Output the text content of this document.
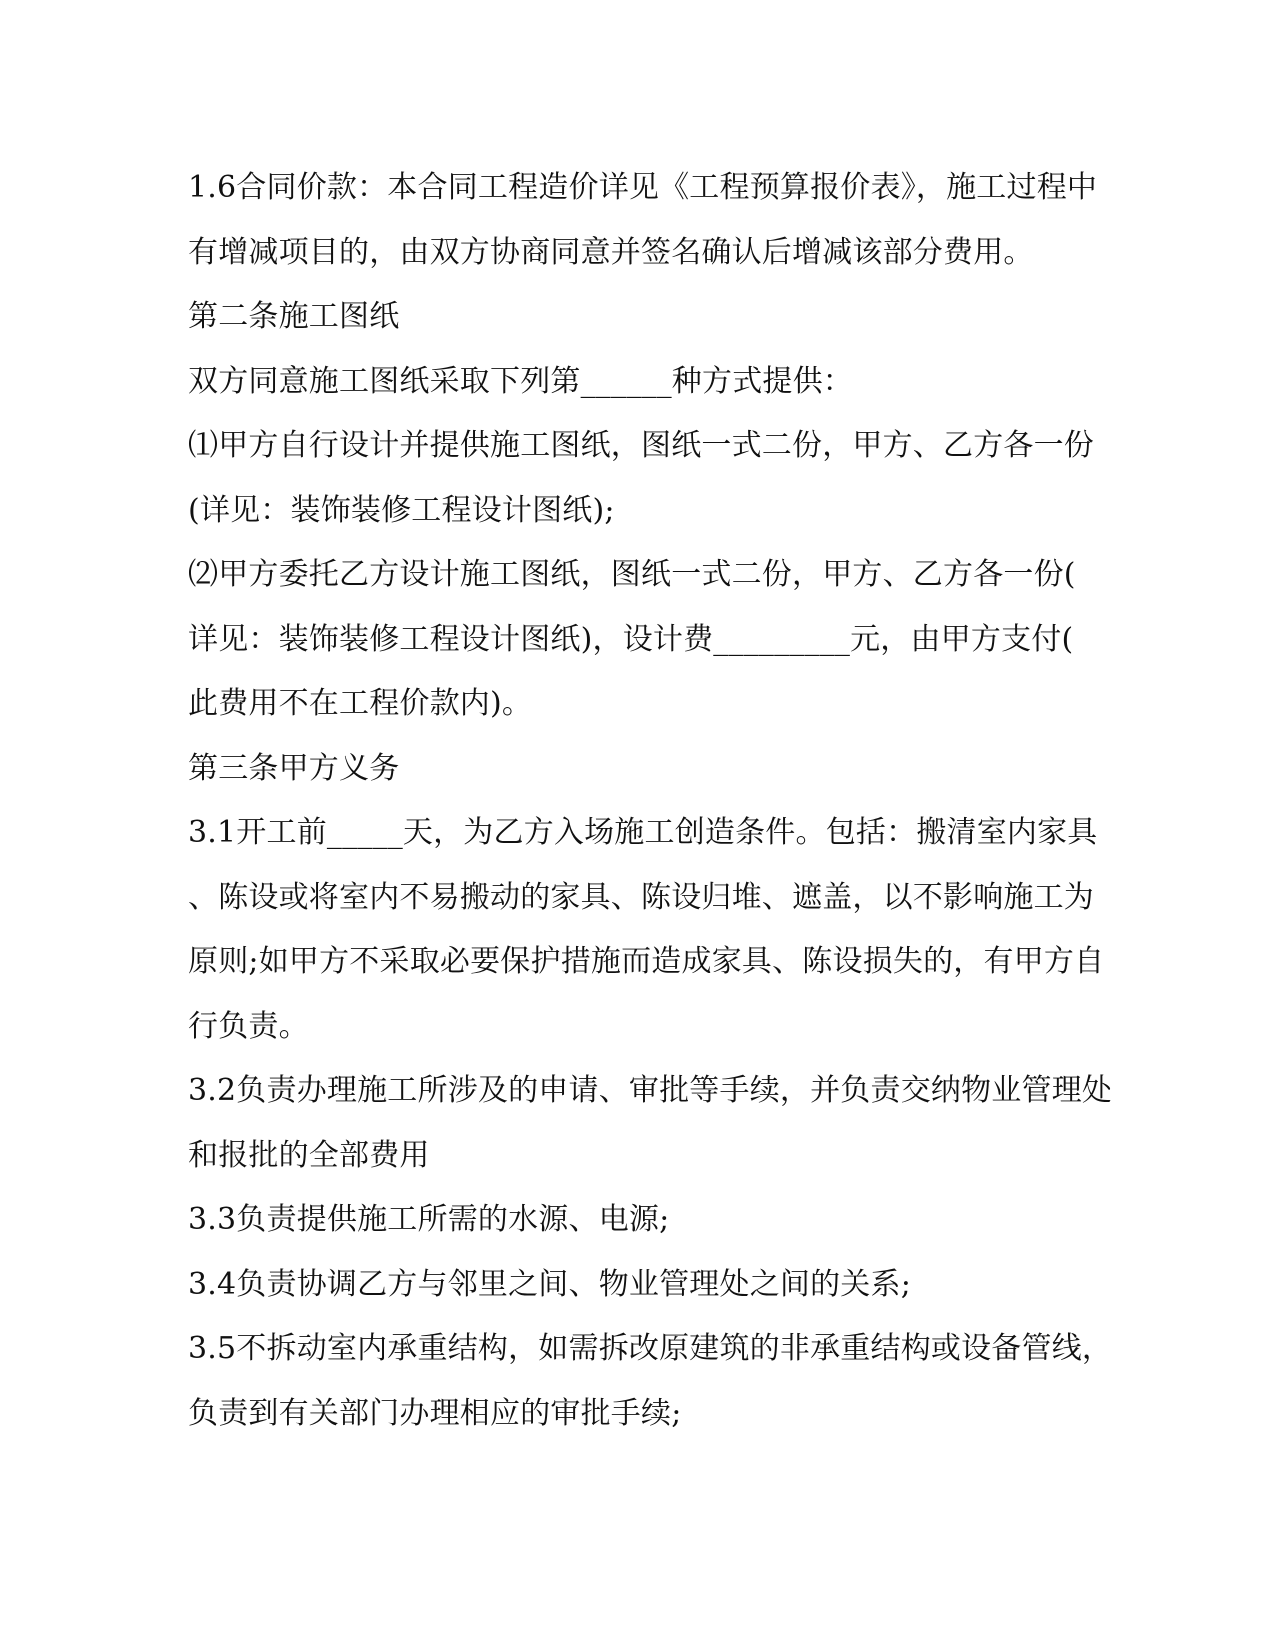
1.6合同价款：本合同工程造价详见《工程预算报价表》，施工过程中
有增减项目的，由双方协商同意并签名确认后增减该部分费用。
第二条施工图纸
双方同意施工图纸采取下列第______种方式提供：
⑴甲方自行设计并提供施工图纸，图纸一式二份，甲方、乙方各一份
(详见：装饰装修工程设计图纸);
⑵甲方委托乙方设计施工图纸，图纸一式二份，甲方、乙方各一份(
详见：装饰装修工程设计图纸)，设计费_________元，由甲方支付(
此费用不在工程价款内)。
第三条甲方义务
3.1开工前_____天，为乙方入场施工创造条件。包括：搬清室内家具
、陈设或将室内不易搬动的家具、陈设归堆、遮盖，以不影响施工为
原则;如甲方不采取必要保护措施而造成家具、陈设损失的，有甲方自
行负责。
3.2负责办理施工所涉及的申请、审批等手续，并负责交纳物业管理处
和报批的全部费用
3.3负责提供施工所需的水源、电源;
3.4负责协调乙方与邻里之间、物业管理处之间的关系;
3.5不拆动室内承重结构，如需拆改原建筑的非承重结构或设备管线，
负责到有关部门办理相应的审批手续;
